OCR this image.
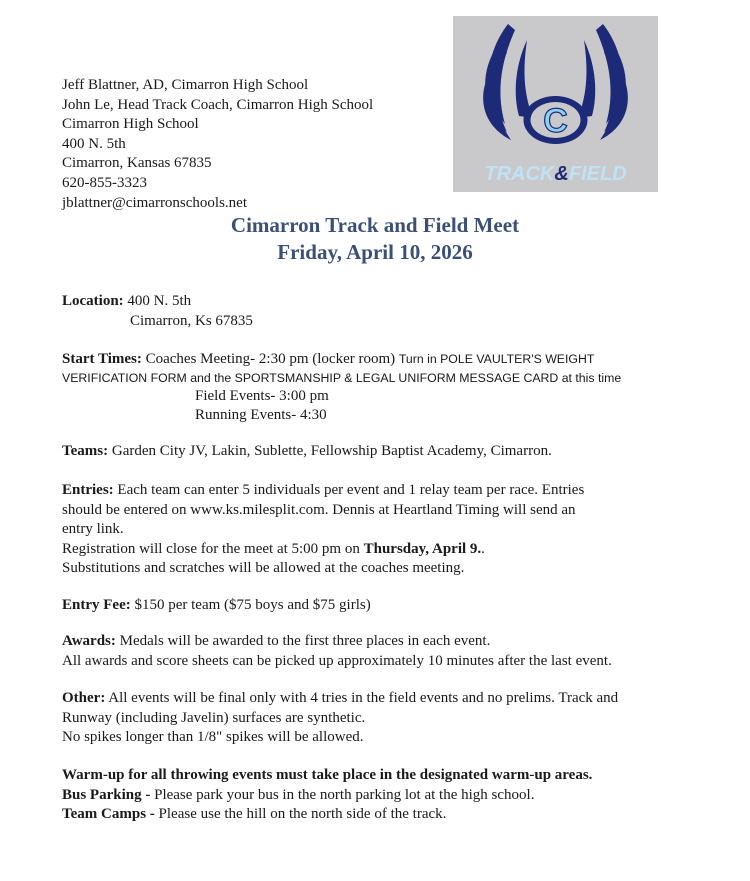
Jeff Blattner, AD, Cimarron High School
John Le, Head Track Coach, Cimarron High School
Cimarron High School
400 N. 5th
Cimarron, Kansas 67835
620-855-3323
jblattner@cimarronschools.net
C
TRACK&FIELD
Cimarron Track and Field Meet
Friday, April 10, 2026
Location: 400 N. 5th
Cimarron, Ks 67835
Start Times: Coaches Meeting- 2:30 pm (locker room) Turn in POLE VAULTER'S WEIGHT
VERIFICATION FORM and the SPORTSMANSHIP & LEGAL UNIFORM MESSAGE CARD at this time
Field Events- 3:00 pm
Running Events- 4:30
Teams: Garden City JV, Lakin, Sublette, Fellowship Baptist Academy, Cimarron.
Entries: Each team can enter 5 individuals per event and 1 relay team per race. Entries
should be entered on www.ks.milesplit.com. Dennis at Heartland Timing will send an
entry link.
Registration will close for the meet at 5:00 pm on Thursday, April 9..
Substitutions and scratches will be allowed at the coaches meeting.
Entry Fee: $150 per team ($75 boys and $75 girls)
Awards: Medals will be awarded to the first three places in each event.
All awards and score sheets can be picked up approximately 10 minutes after the last event.
Other: All events will be final only with 4 tries in the field events and no prelims. Track and
Runway (including Javelin) surfaces are synthetic.
No spikes longer than 1/8" spikes will be allowed.
Warm-up for all throwing events must take place in the designated warm-up areas.
Bus Parking - Please park your bus in the north parking lot at the high school.
Team Camps - Please use the hill on the north side of the track.
